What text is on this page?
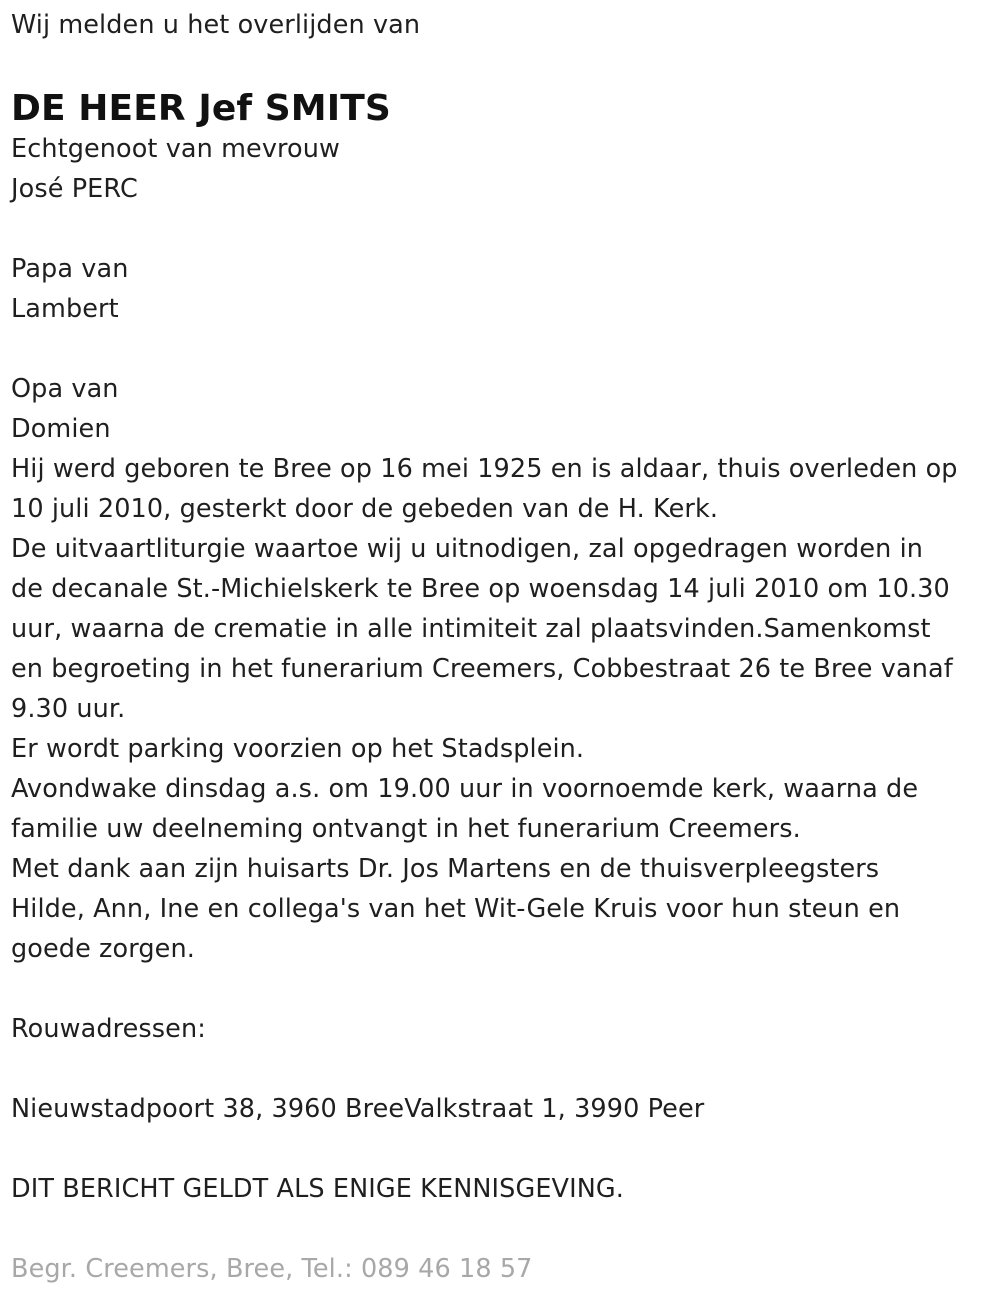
Wij melden u het overlijden van
DE HEER Jef SMITS
Echtgenoot van mevrouw
José PERC
Papa van
Lambert
Opa van
Domien
Hij werd geboren te Bree op 16 mei 1925 en is aldaar, thuis overleden op
10 juli 2010, gesterkt door de gebeden van de H. Kerk.
De uitvaartliturgie waartoe wij u uitnodigen, zal opgedragen worden in
de decanale St.-Michielskerk te Bree op woensdag 14 juli 2010 om 10.30
uur, waarna de crematie in alle intimiteit zal plaatsvinden.Samenkomst
en begroeting in het funerarium Creemers, Cobbestraat 26 te Bree vanaf
9.30 uur.
Er wordt parking voorzien op het Stadsplein.
Avondwake dinsdag a.s. om 19.00 uur in voornoemde kerk, waarna de
familie uw deelneming ontvangt in het funerarium Creemers.
Met dank aan zijn huisarts Dr. Jos Martens en de thuisverpleegsters
Hilde, Ann, Ine en collega's van het Wit-Gele Kruis voor hun steun en
goede zorgen.
Rouwadressen:
Nieuwstadpoort 38, 3960 BreeValkstraat 1, 3990 Peer
DIT BERICHT GELDT ALS ENIGE KENNISGEVING.
Begr. Creemers, Bree, Tel.: 089 46 18 57
